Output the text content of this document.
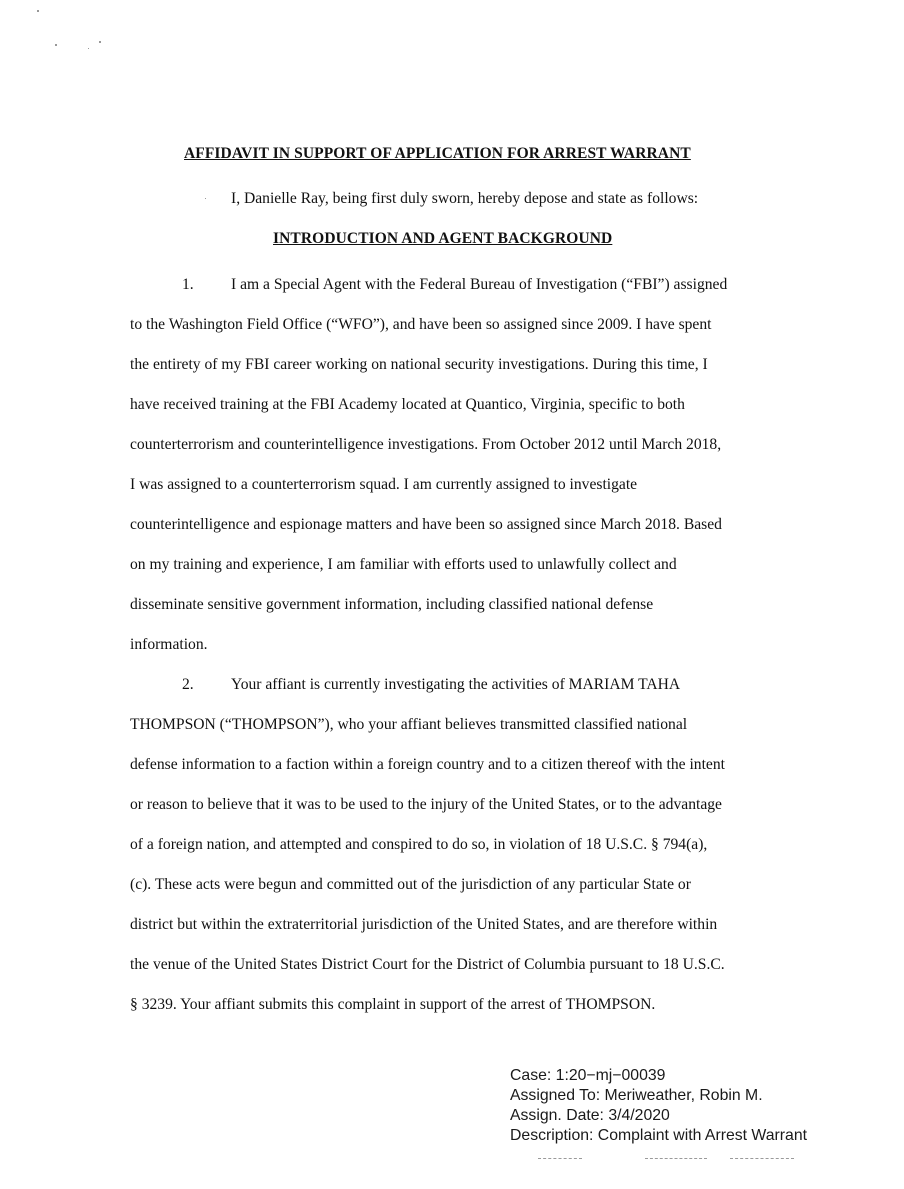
AFFIDAVIT IN SUPPORT OF APPLICATION FOR ARREST WARRANT
I, Danielle Ray, being first duly sworn, hereby depose and state as follows:
INTRODUCTION AND AGENT BACKGROUND
1. I am a Special Agent with the Federal Bureau of Investigation (“FBI”) assigned
to the Washington Field Office (“WFO”), and have been so assigned since 2009. I have spent
the entirety of my FBI career working on national security investigations. During this time, I
have received training at the FBI Academy located at Quantico, Virginia, specific to both
counterterrorism and counterintelligence investigations. From October 2012 until March 2018,
I was assigned to a counterterrorism squad. I am currently assigned to investigate
counterintelligence and espionage matters and have been so assigned since March 2018. Based
on my training and experience, I am familiar with efforts used to unlawfully collect and
disseminate sensitive government information, including classified national defense
information.
2. Your affiant is currently investigating the activities of MARIAM TAHA
THOMPSON (“THOMPSON”), who your affiant believes transmitted classified national
defense information to a faction within a foreign country and to a citizen thereof with the intent
or reason to believe that it was to be used to the injury of the United States, or to the advantage
of a foreign nation, and attempted and conspired to do so, in violation of 18 U.S.C. § 794(a),
(c). These acts were begun and committed out of the jurisdiction of any particular State or
district but within the extraterritorial jurisdiction of the United States, and are therefore within
the venue of the United States District Court for the District of Columbia pursuant to 18 U.S.C.
§ 3239. Your affiant submits this complaint in support of the arrest of THOMPSON.
Case: 1:20−mj−00039
Assigned To: Meriweather, Robin M.
Assign. Date: 3/4/2020
Description: Complaint with Arrest Warrant
